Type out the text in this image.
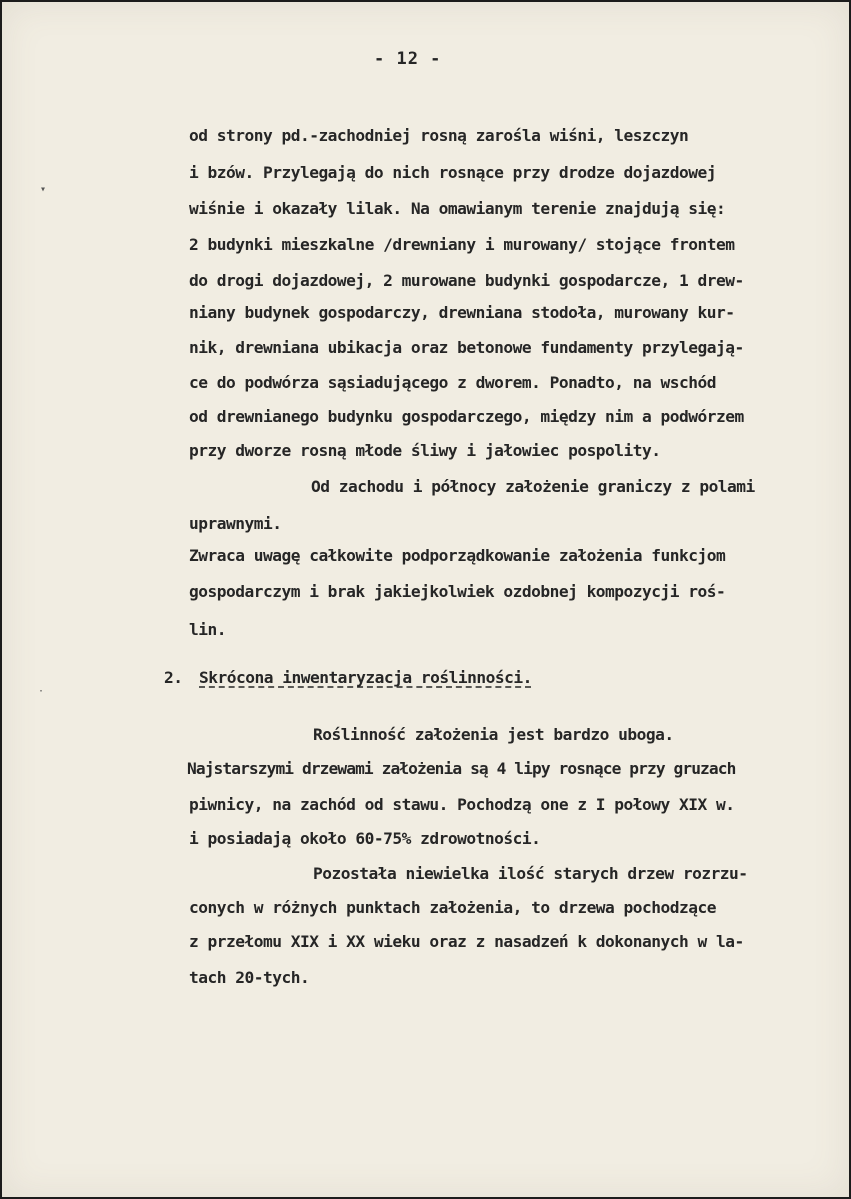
- 12 -
▾
·
od strony pd.-zachodniej rosną zarośla wiśni, leszczyn
i bzów. Przylegają do nich rosnące przy drodze dojazdowej
wiśnie i okazały lilak. Na omawianym terenie znajdują się:
2 budynki mieszkalne /drewniany i murowany/ stojące frontem
do drogi dojazdowej, 2 murowane budynki gospodarcze, 1 drew-
niany budynek gospodarczy, drewniana stodoła, murowany kur-
nik, drewniana ubikacja oraz betonowe fundamenty przylegają-
ce do podwórza sąsiadującego z dworem. Ponadto, na wschód
od drewnianego budynku gospodarczego, między nim a podwórzem
przy dworze rosną młode śliwy i jałowiec pospolity.
Od zachodu i północy założenie graniczy z polami
uprawnymi.
Zwraca uwagę całkowite podporządkowanie założenia funkcjom
gospodarczym i brak jakiejkolwiek ozdobnej kompozycji roś-
lin.
2. Skrócona inwentaryzacja roślinności.
Roślinność założenia jest bardzo uboga.
Najstarszymi drzewami założenia są 4 lipy rosnące przy gruzach
piwnicy, na zachód od stawu. Pochodzą one z I połowy XIX w.
i posiadają około 60-75% zdrowotności.
Pozostała niewielka ilość starych drzew rozrzu-
conych w różnych punktach założenia, to drzewa pochodzące
z przełomu XIX i XX wieku oraz z nasadzeń k dokonanych w la-
tach 20-tych.
